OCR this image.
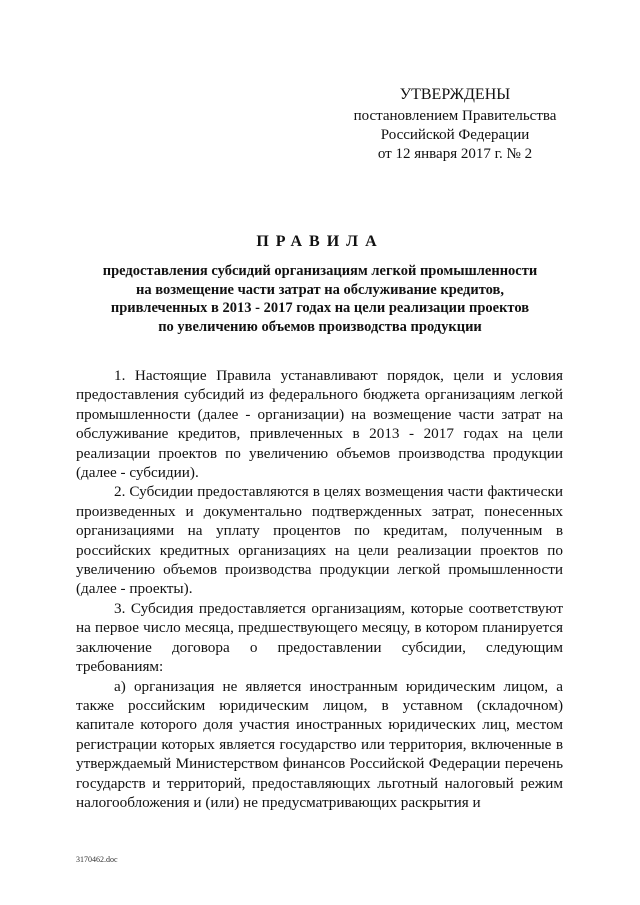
УТВЕРЖДЕНЫ
постановлением Правительства
Российской Федерации
от 12 января 2017 г. № 2
ПРАВИЛА
предоставления субсидий организациям легкой промышленности
на возмещение части затрат на обслуживание кредитов,
привлеченных в 2013 - 2017 годах на цели реализации проектов
по увеличению объемов производства продукции

1. Настоящие Правила устанавливают порядок, цели и условия предоставления субсидий из федерального бюджета организациям легкой промышленности (далее - организации) на возмещение части затрат на обслуживание кредитов, привлеченных в 2013 - 2017 годах на цели реализации проектов по увеличению объемов производства продукции (далее - субсидии).

2. Субсидии предоставляются в целях возмещения части фактически произведенных и документально подтвержденных затрат, понесенных организациями на уплату процентов по кредитам, полученным в российских кредитных организациях на цели реализации проектов по увеличению объемов производства продукции легкой промышленности (далее - проекты).

3. Субсидия предоставляется организациям, которые соответствуют на первое число месяца, предшествующего месяцу, в котором планируется заключение договора о предоставлении субсидии, следующим требованиям:

а) организация не является иностранным юридическим лицом, а также российским юридическим лицом, в уставном (складочном) капитале которого доля участия иностранных юридических лиц, местом регистрации которых является государство или территория, включенные в утверждаемый Министерством финансов Российской Федерации перечень государств и территорий, предоставляющих льготный налоговый режим налогообложения и (или) не предусматривающих раскрытия и

3170462.doc
